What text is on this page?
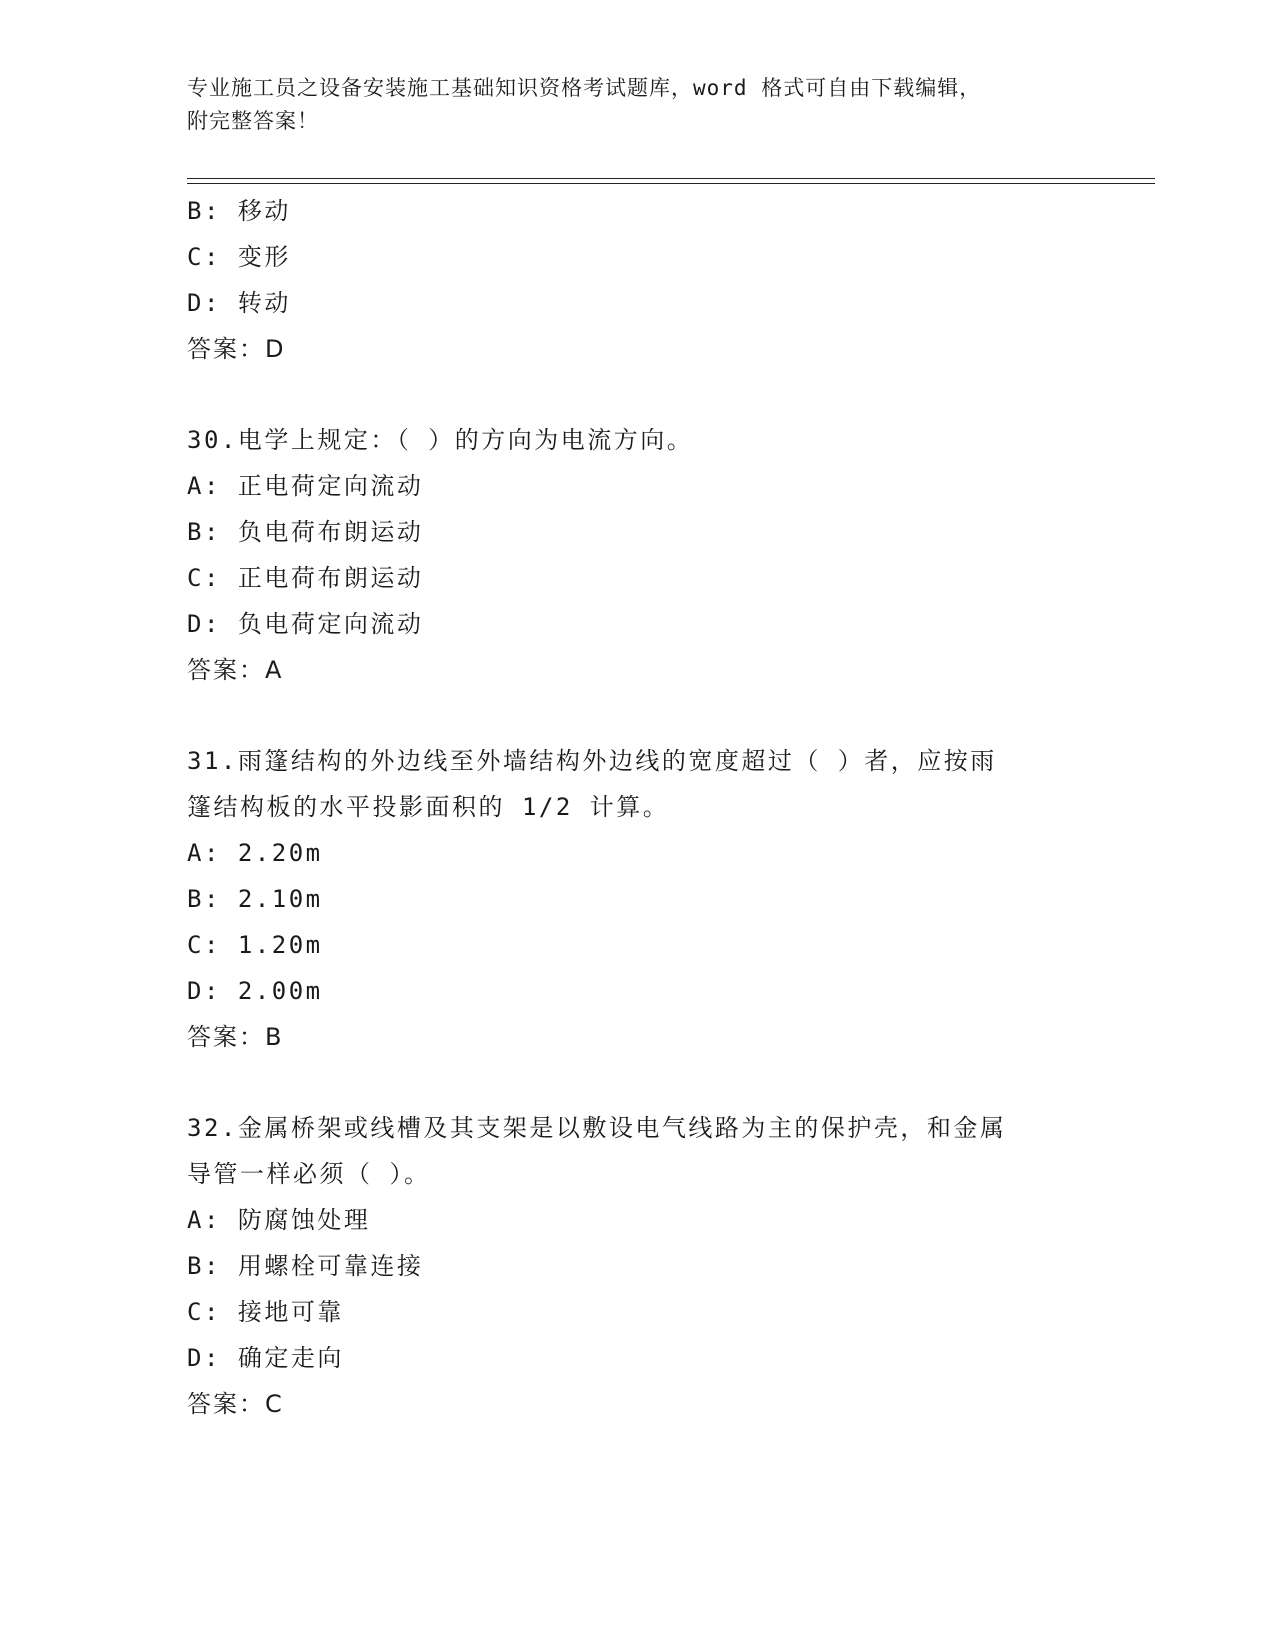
专业施工员之设备安装施工基础知识资格考试题库，word 格式可自由下载编辑，
附完整答案！
B: 移动
C: 变形
D: 转动
答案：D
30.电学上规定：（ ）的方向为电流方向。
A: 正电荷定向流动
B: 负电荷布朗运动
C: 正电荷布朗运动
D: 负电荷定向流动
答案：A
31.雨篷结构的外边线至外墙结构外边线的宽度超过（ ）者，应按雨
篷结构板的水平投影面积的 1/2 计算。
A: 2.20m
B: 2.10m
C: 1.20m
D: 2.00m
答案：B
32.金属桥架或线槽及其支架是以敷设电气线路为主的保护壳，和金属
导管一样必须（ ）。
A: 防腐蚀处理
B: 用螺栓可靠连接
C: 接地可靠
D: 确定走向
答案：C
